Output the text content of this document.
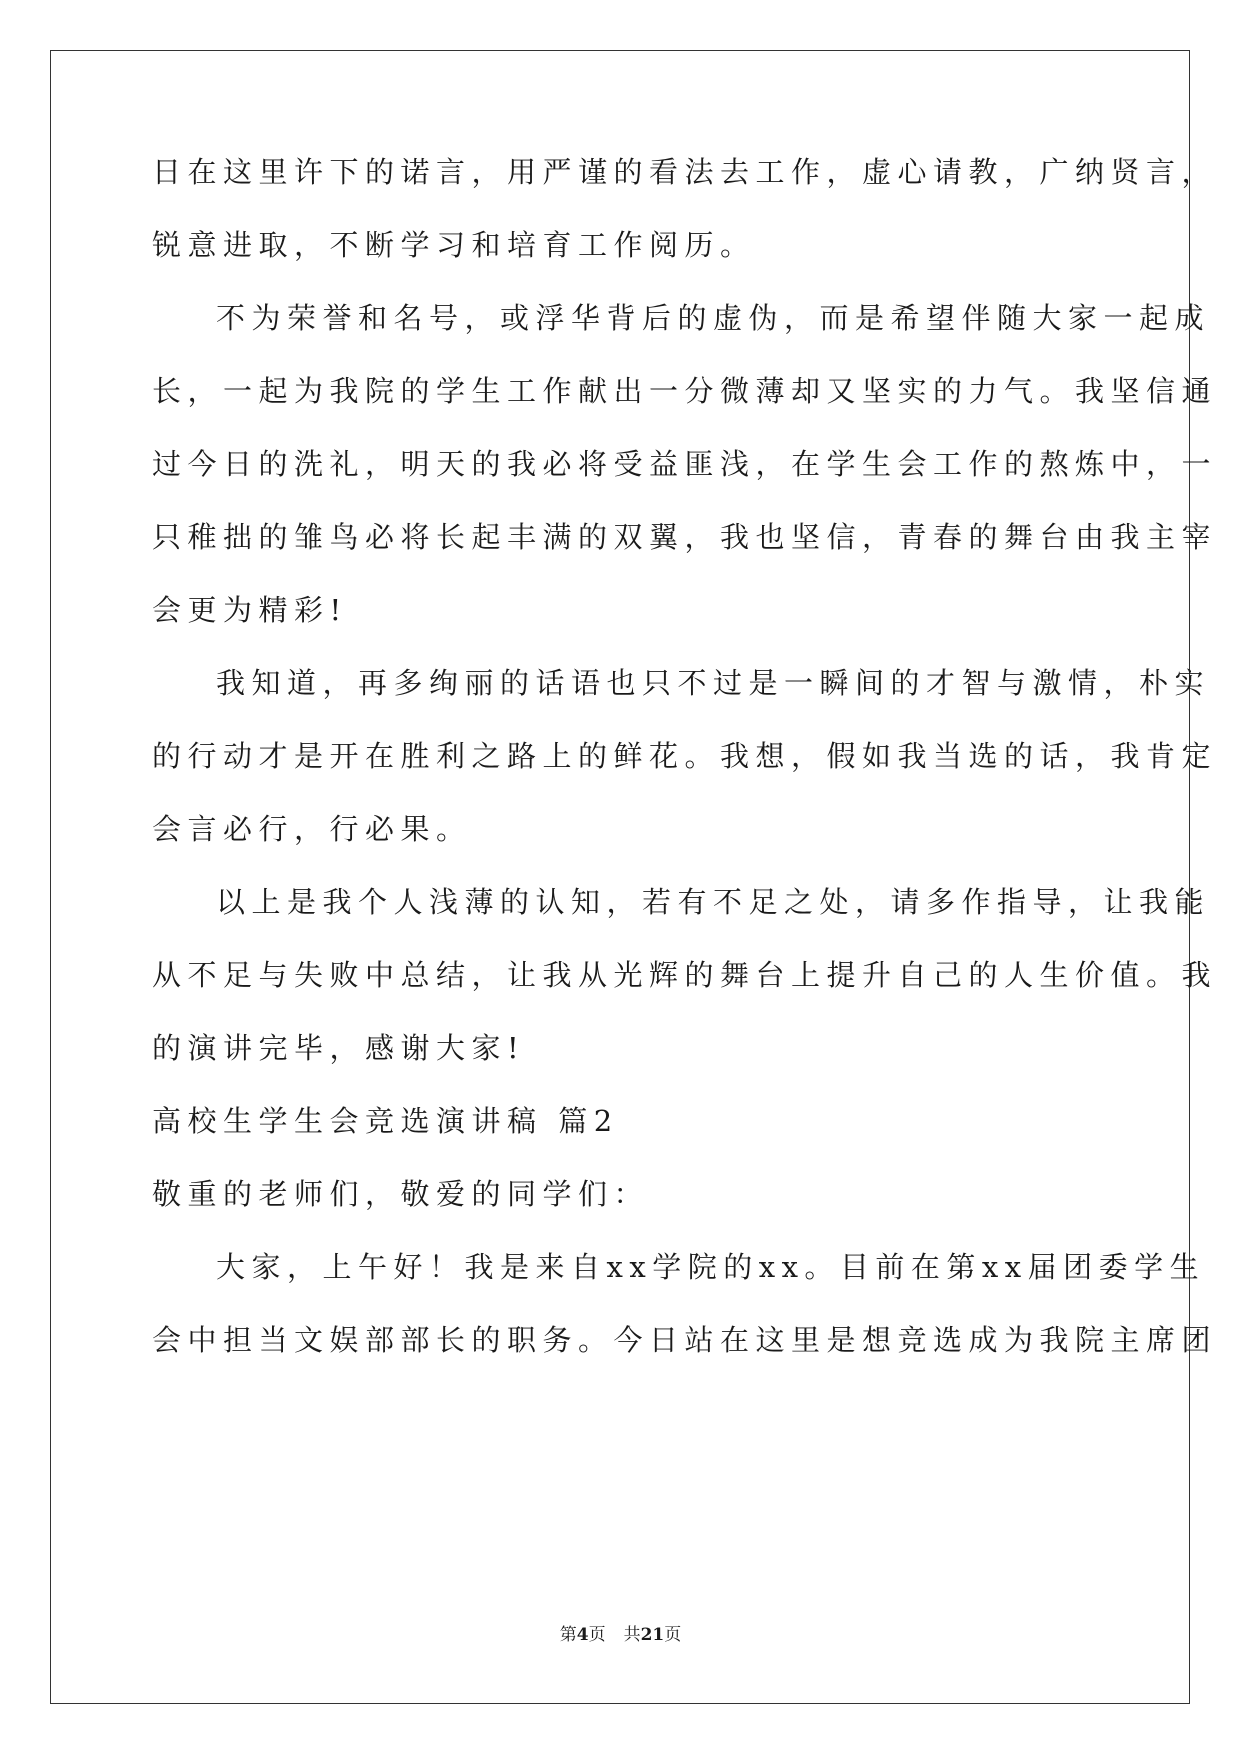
日在这里许下的诺言，用严谨的看法去工作，虚心请教，广纳贤言，
锐意进取，不断学习和培育工作阅历。
不为荣誉和名号，或浮华背后的虚伪，而是希望伴随大家一起成
长，一起为我院的学生工作献出一分微薄却又坚实的力气。我坚信通
过今日的洗礼，明天的我必将受益匪浅，在学生会工作的熬炼中，一
只稚拙的雏鸟必将长起丰满的双翼，我也坚信，青春的舞台由我主宰
会更为精彩!
我知道，再多绚丽的话语也只不过是一瞬间的才智与激情，朴实
的行动才是开在胜利之路上的鲜花。我想，假如我当选的话，我肯定
会言必行，行必果。
以上是我个人浅薄的认知，若有不足之处，请多作指导，让我能
从不足与失败中总结，让我从光辉的舞台上提升自己的人生价值。我
的演讲完毕，感谢大家!
高校生学生会竞选演讲稿 篇2
敬重的老师们，敬爱的同学们：
大家，上午好！我是来自xx学院的xx。目前在第xx届团委学生
会中担当文娱部部长的职务。今日站在这里是想竞选成为我院主席团
第4页 共21页
